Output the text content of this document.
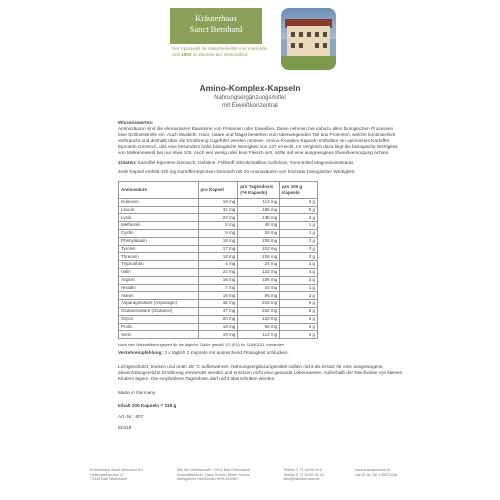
Kräuterhaus
Sanct Bernhard
Der Spezialist für Naturheilmittel und Kosmetik.
Seit 1903 im Dienste der Gesundheit.
Amino-Komplex-Kapseln
Nahrungsergänzungsmittel
mit Eiweißkonzentrat

Wissenswertes:

Aminosäuren sind die elementaren Bausteine von Proteinen oder Eiweißen. Diese nehmen bei nahezu allen biologischen Prozessen eine Schlüsselrolle ein. Auch Muskeln, Haut, Haare und Nägel bestehen zum überwiegenden Teil aus Proteinen, welche kontinuierlich verbraucht und deshalb über die Ernährung zugeführt werden müssen. Amino-Komplex-Kapseln enthalten ein optimiertes Kartoffel-Eiprotein-Gemisch, das eine besonders hohe biologische Wertigkeit von 137 erreicht. Im Vergleich dazu liegt die biologische Wertigkeit von Molkeneiweiß bei nur etwa 105. Auch wer wenig oder kein Fleisch isst, sollte auf eine ausgewogene Eiweißversorgung achten.

Zutaten: Kartoffel-Eiprotein-Gemisch, Gelatine, Füllstoff mikrokristalline Cellulose, Trennmittel Magnesiumstearat.

Jede Kapsel enthält 420 mg Kartoffel-Eiprotein-Gemisch mit 20 Aminosäuren von höchster biologischer Wertigkeit.

Aminosäure	pro Kapsel	pro Tagesdosis (=6 Kapseln)	pro 100 g Kapseln
Isoleucin	19 mg	114 mg	3 g
Leucin	31 mg	186 mg	5 g
Lysin	23 mg	138 mg	4 g
Methionin	8 mg	48 mg	1 g
Cystin	5 mg	30 mg	1 g
Phenylalanin	18 mg	108 mg	3 g
Tyrosin	17 mg	102 mg	3 g
Threonin	18 mg	108 mg	3 g
Tryptophan	4 mg	24 mg	1 g
Valin	22 mg	132 mg	4 g
Arginin	18 mg	108 mg	3 g
Histidin	7 mg	42 mg	1 g
Alanin	16 mg	96 mg	3 g
Asparaginsäure (Asparagin)	36 mg	216 mg	6 g
Glutaminsäure (Glutamin)	37 mg	222 mg	6 g
Glycin	20 mg	120 mg	3 g
Prolin	16 mg	96 mg	3 g
Serin	19 mg	114 mg	3 g

Noch kein Nährstoffbezugswert für die tägliche Zufuhr gemäß VO (EU) Nr. 1169/2011 vorhanden.

Verzehrempfehlung: 3 x täglich 2 Kapseln mit ausreichend Flüssigkeit schlucken.

Lichtgeschützt, trocken und unter 25 °C aufbewahren. Nahrungsergänzungsmittel sollten nicht als Ersatz für eine ausgewogene, abwechslungsreiche Ernährung verwendet werden und ersetzen nicht eine gesunde Lebensweise. Außerhalb der Reichweite von kleinen Kindern lagern. Die empfohlene Tagesdosis darf nicht überschritten werden.

Made in Germany

Inhalt 200 Kapseln = 118 g

Art.-Nr.: 807

E0118

Kräuterhaus Sanct Bernhard KG
Helfensteinstraße 47
73342 Bad Ditzenbach
Sitz der Gesellschaft: 73342 Bad Ditzenbach
Geschäftsführer: Hans Schulz, Dieter Schulz
Amtsgericht Ulm/Donau HRA 541060
Telefon 0 73 34/96 54 0
Telefax 0 73 34/96 54 44
info@kraeuterhaus.de
www.kraeuterhaus.de
Ust-ID-Nr. DE 145872148
